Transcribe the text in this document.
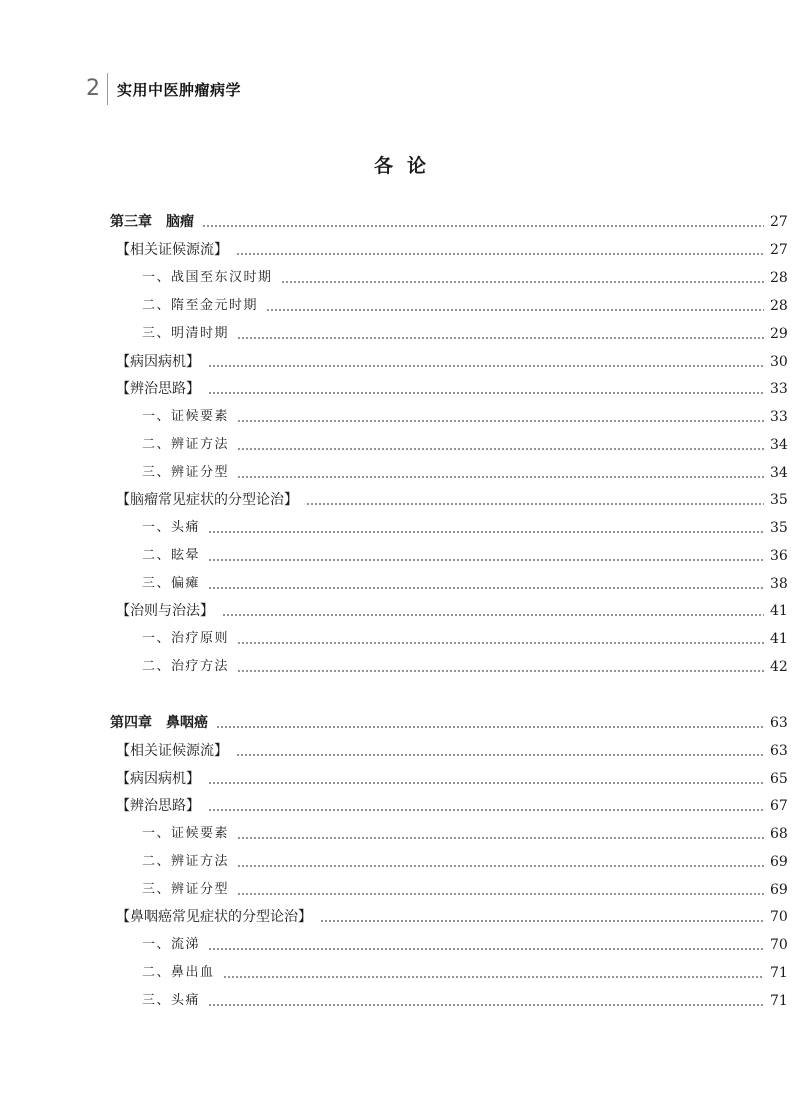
2	实用中医肿瘤病学
各论
第三章　脑瘤	27
【相关证候源流】	27
一、战国至东汉时期	28
二、隋至金元时期	28
三、明清时期	29
【病因病机】	30
【辨治思路】	33
一、证候要素	33
二、辨证方法	34
三、辨证分型	34
【脑瘤常见症状的分型论治】	35
一、头痛	35
二、眩晕	36
三、偏瘫	38
【治则与治法】	41
一、治疗原则	41
二、治疗方法	42
第四章　鼻咽癌	63
【相关证候源流】	63
【病因病机】	65
【辨治思路】	67
一、证候要素	68
二、辨证方法	69
三、辨证分型	69
【鼻咽癌常见症状的分型论治】	70
一、流涕	70
二、鼻出血	71
三、头痛	71
